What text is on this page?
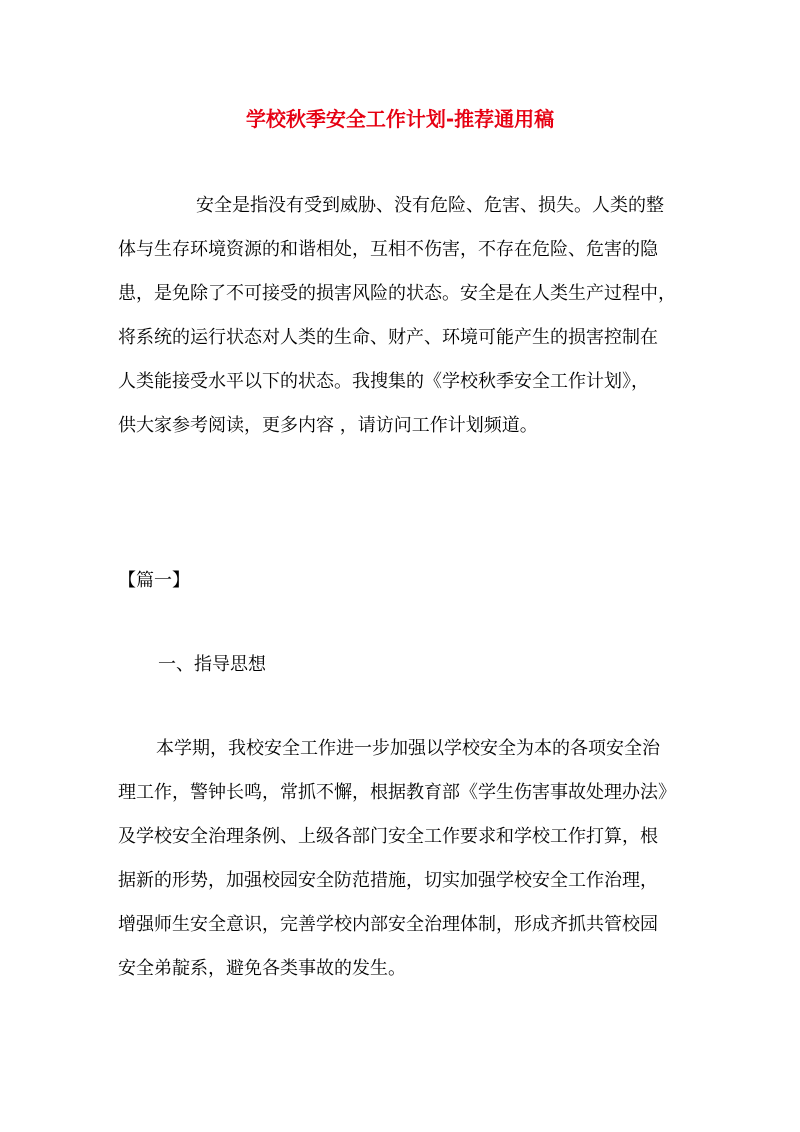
学校秋季安全工作计划-推荐通用稿

安全是指没有受到威胁、没有危险、危害、损失。人类的整
体与生存环境资源的和谐相处，互相不伤害，不存在危险、危害的隐
患，是免除了不可接受的损害风险的状态。安全是在人类生产过程中，
将系统的运行状态对人类的生命、财产、环境可能产生的损害控制在
人类能接受水平以下的状态。我搜集的《学校秋季安全工作计划》，
供大家参考阅读，更多内容 ，请访问工作计划频道。

【篇一】
一、指导思想

本学期，我校安全工作进一步加强以学校安全为本的各项安全治
理工作，警钟长鸣，常抓不懈，根据教育部《学生伤害事故处理办法》
及学校安全治理条例、上级各部门安全工作要求和学校工作打算，根
据新的形势，加强校园安全防范措施，切实加强学校安全工作治理，
增强师生安全意识，完善学校内部安全治理体制，形成齐抓共管校园
安全弟靛系，避免各类事故的发生。
